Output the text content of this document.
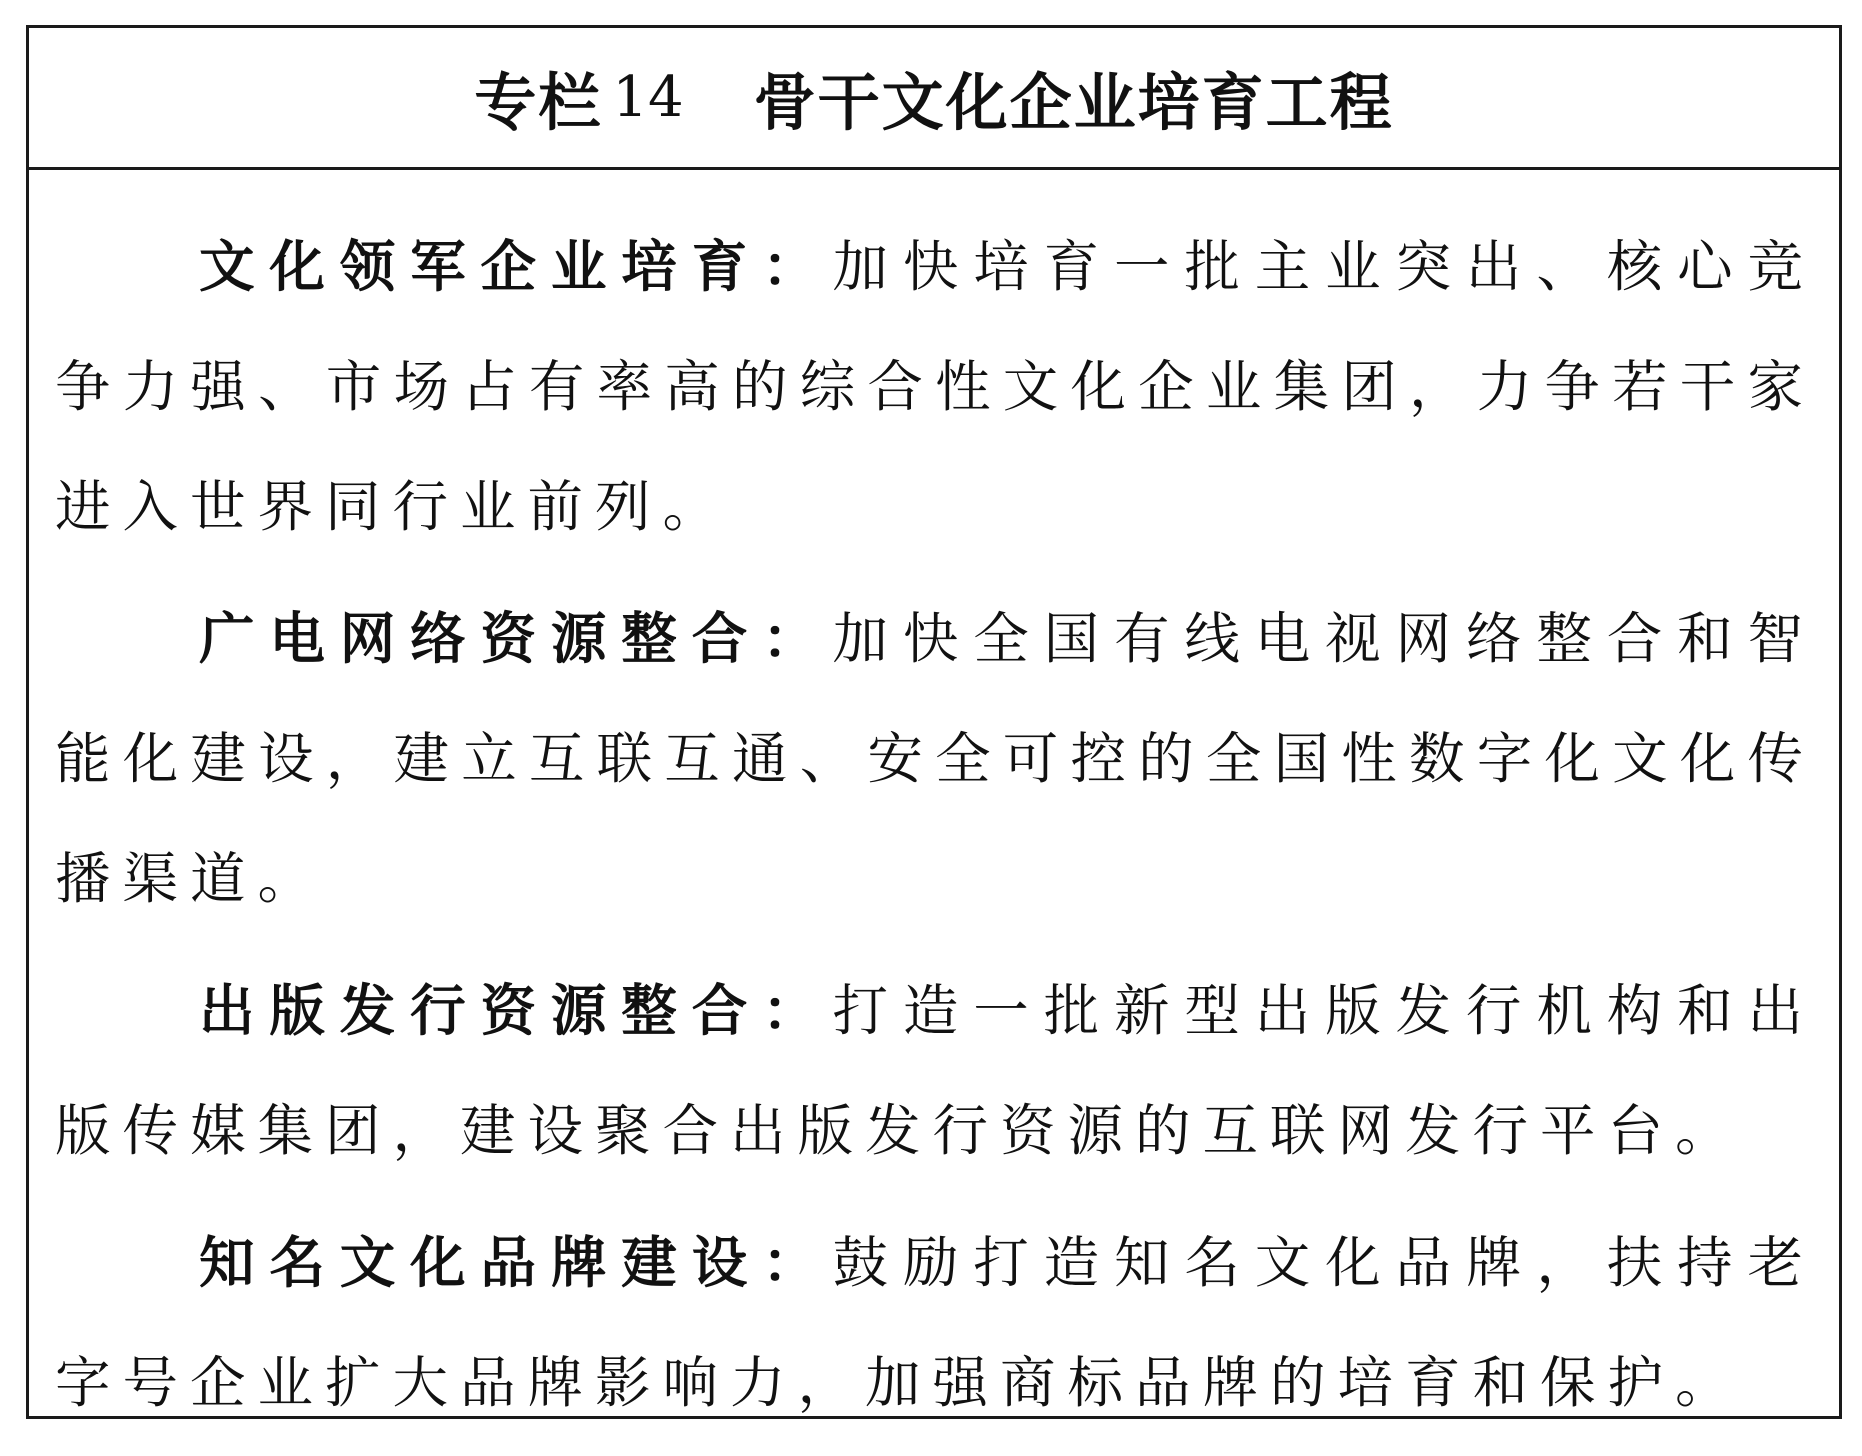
专栏 14 骨干文化企业培育工程

文化领军企业培育：加快培育一批主业突出、核心竞争力强、市场占有率高的综合性文化企业集团，力争若干家进入世界同行业前列。

广电网络资源整合：加快全国有线电视网络整合和智能化建设，建立互联互通、安全可控的全国性数字化文化传播渠道。

出版发行资源整合：打造一批新型出版发行机构和出版传媒集团，建设聚合出版发行资源的互联网发行平台。

知名文化品牌建设：鼓励打造知名文化品牌，扶持老字号企业扩大品牌影响力，加强商标品牌的培育和保护。
